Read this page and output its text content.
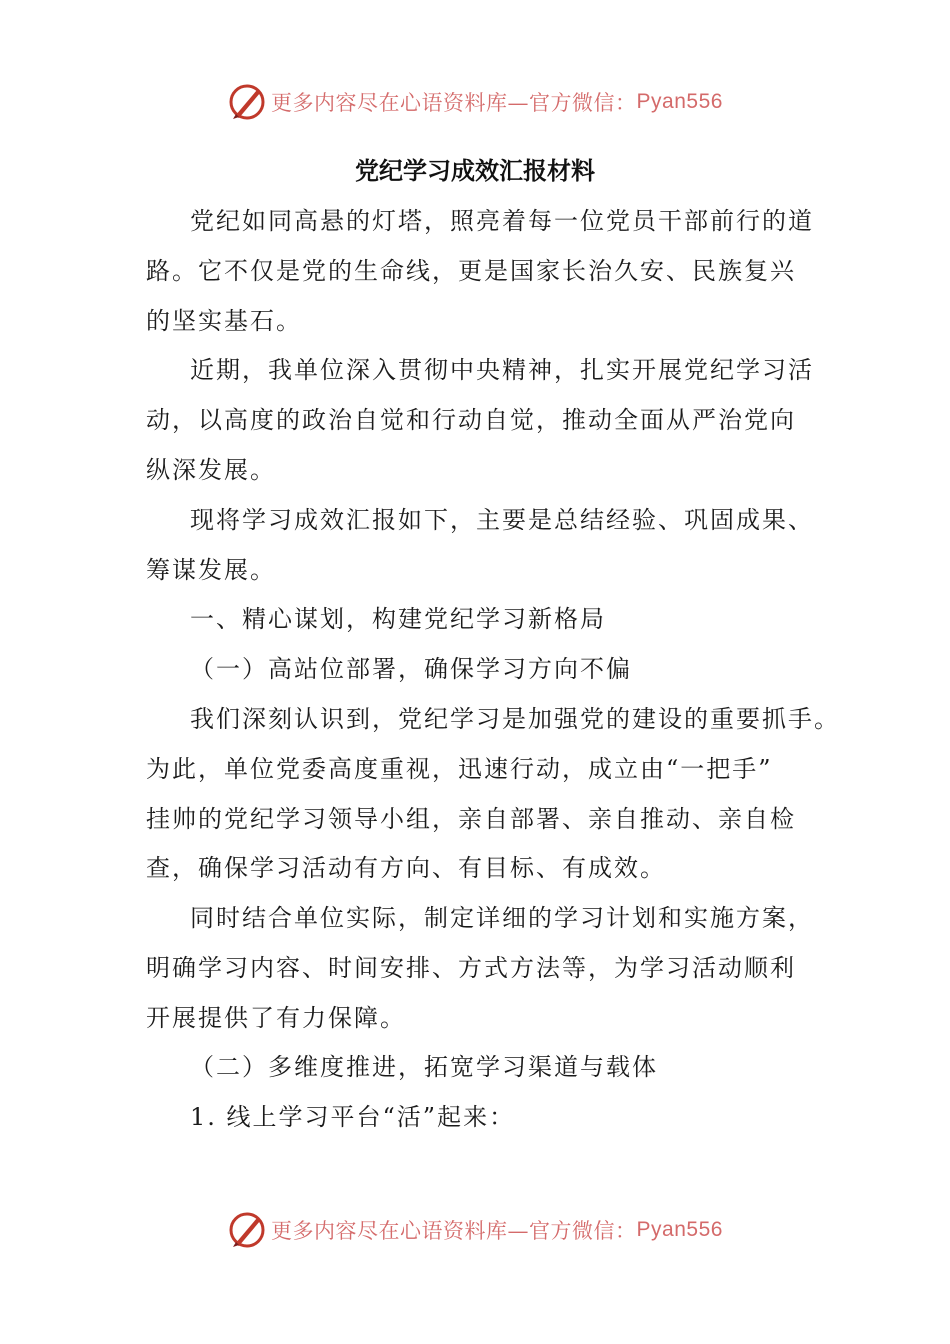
更多内容尽在心语资料库—官方微信： Pyan556
党纪学习成效汇报材料
党纪如同高悬的灯塔，照亮着每一位党员干部前行的道
路。它不仅是党的生命线，更是国家长治久安、民族复兴
的坚实基石。
近期，我单位深入贯彻中央精神，扎实开展党纪学习活
动，以高度的政治自觉和行动自觉，推动全面从严治党向
纵深发展。
现将学习成效汇报如下，主要是总结经验、巩固成果、
筹谋发展。
一、精心谋划，构建党纪学习新格局
（一）高站位部署，确保学习方向不偏
我们深刻认识到，党纪学习是加强党的建设的重要抓手。
为此，单位党委高度重视，迅速行动，成立由“一把手”
挂帅的党纪学习领导小组，亲自部署、亲自推动、亲自检
查，确保学习活动有方向、有目标、有成效。
同时结合单位实际，制定详细的学习计划和实施方案，
明确学习内容、时间安排、方式方法等，为学习活动顺利
开展提供了有力保障。
（二）多维度推进，拓宽学习渠道与载体
1. 线上学习平台“活”起来：
更多内容尽在心语资料库—官方微信： Pyan556
